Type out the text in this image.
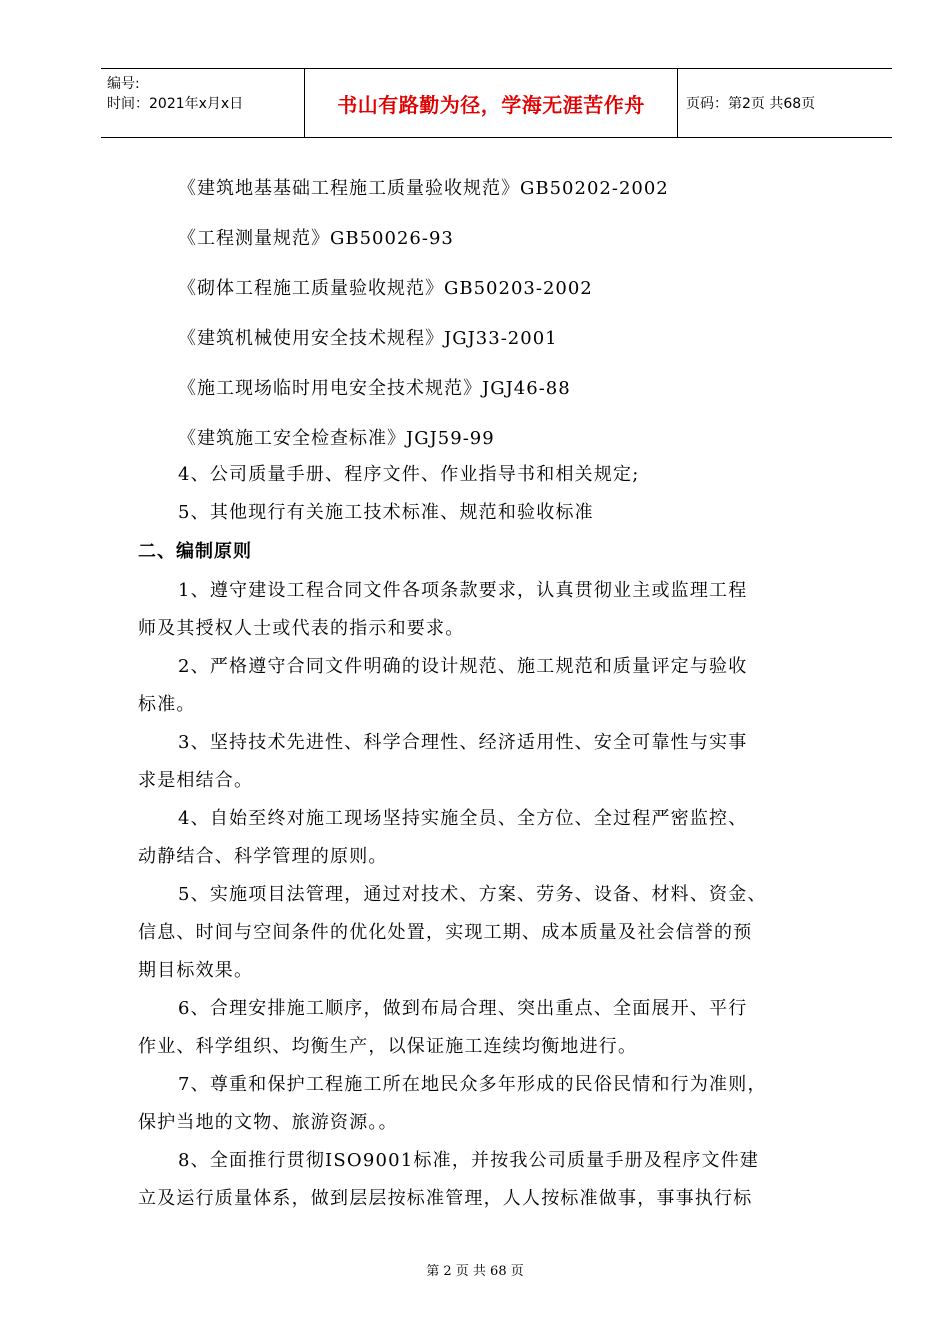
编号:
时间：2021年x月x日	书山有路勤为径，学海无涯苦作舟	页码：第2页 共68页
《建筑地基基础工程施工质量验收规范》GB50202-2002
《工程测量规范》GB50026-93
《砌体工程施工质量验收规范》GB50203-2002
《建筑机械使用安全技术规程》JGJ33-2001
《施工现场临时用电安全技术规范》JGJ46-88
《建筑施工安全检查标准》JGJ59-99
4、公司质量手册、程序文件、作业指导书和相关规定;
5、其他现行有关施工技术标准、规范和验收标准
二、编制原则
1、遵守建设工程合同文件各项条款要求，认真贯彻业主或监理工程
师及其授权人士或代表的指示和要求。
2、严格遵守合同文件明确的设计规范、施工规范和质量评定与验收
标准。
3、坚持技术先进性、科学合理性、经济适用性、安全可靠性与实事
求是相结合。
4、自始至终对施工现场坚持实施全员、全方位、全过程严密监控、
动静结合、科学管理的原则。
5、实施项目法管理，通过对技术、方案、劳务、设备、材料、资金、
信息、时间与空间条件的优化处置，实现工期、成本质量及社会信誉的预
期目标效果。
6、合理安排施工顺序，做到布局合理、突出重点、全面展开、平行
作业、科学组织、均衡生产，以保证施工连续均衡地进行。
7、尊重和保护工程施工所在地民众多年形成的民俗民情和行为准则，
保护当地的文物、旅游资源。。
8、全面推行贯彻ISO9001标准，并按我公司质量手册及程序文件建
立及运行质量体系，做到层层按标准管理，人人按标准做事，事事执行标
第 2 页 共 68 页
